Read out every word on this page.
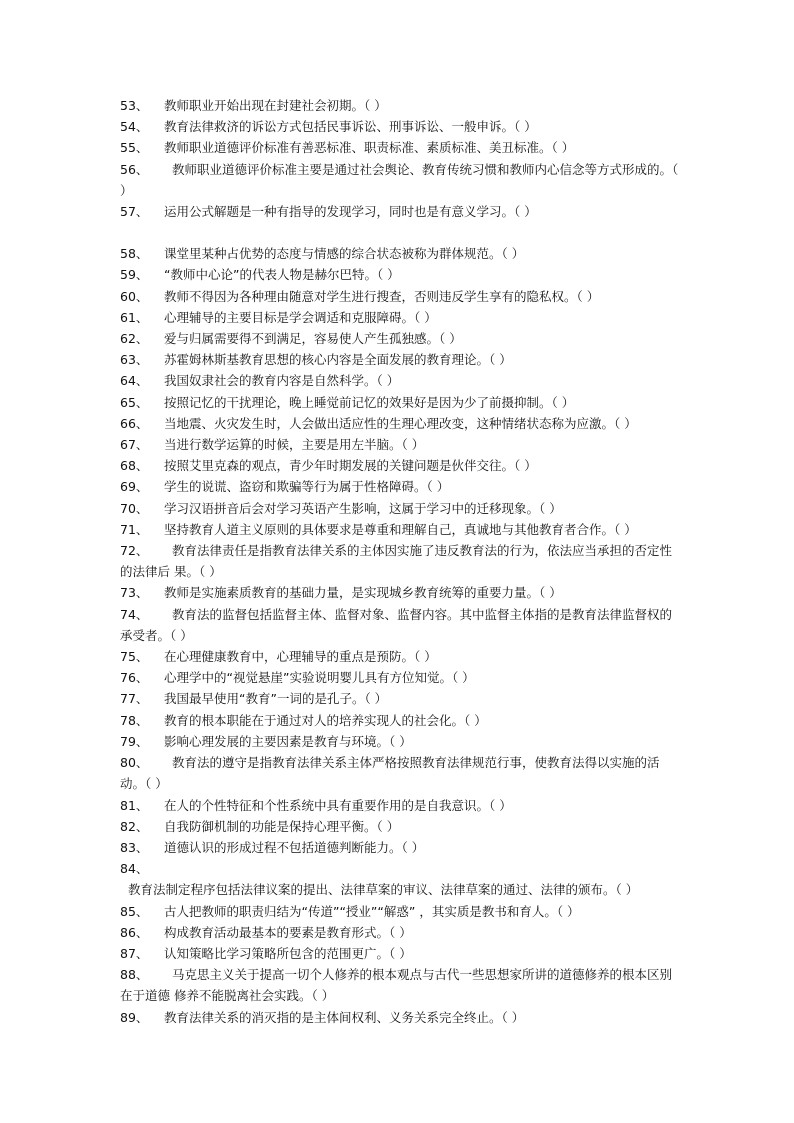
53、 教师职业开始出现在封建社会初期。（ ）
54、 教育法律救济的诉讼方式包括民事诉讼、刑事诉讼、一般申诉。（ ）
55、 教师职业道德评价标准有善恶标准、职责标准、素质标准、美丑标准。（ ）
56、 教师职业道德评价标准主要是通过社会舆论、教育传统习惯和教师内心信念等方式形成的。（ ）
57、 运用公式解题是一种有指导的发现学习，同时也是有意义学习。（ ）
58、 课堂里某种占优势的态度与情感的综合状态被称为群体规范。（ ）
59、 “教师中心论”的代表人物是赫尔巴特。（ ）
60、 教师不得因为各种理由随意对学生进行搜查，否则违反学生享有的隐私权。（ ）
61、 心理辅导的主要目标是学会调适和克服障碍。（ ）
62、 爱与归属需要得不到满足，容易使人产生孤独感。（ ）
63、 苏霍姆林斯基教育思想的核心内容是全面发展的教育理论。（ ）
64、 我国奴隶社会的教育内容是自然科学。（ ）
65、 按照记忆的干扰理论，晚上睡觉前记忆的效果好是因为少了前摄抑制。（ ）
66、 当地震、火灾发生时，人会做出适应性的生理心理改变，这种情绪状态称为应激。（ ）
67、 当进行数学运算的时候，主要是用左半脑。（ ）
68、 按照艾里克森的观点，青少年时期发展的关键问题是伙伴交往。（ ）
69、 学生的说谎、盗窃和欺骗等行为属于性格障碍。（ ）
70、 学习汉语拼音后会对学习英语产生影响，这属于学习中的迁移现象。（ ）
71、 坚持教育人道主义原则的具体要求是尊重和理解自己，真诚地与其他教育者合作。（ ）
72、 教育法律责任是指教育法律关系的主体因实施了违反教育法的行为，依法应当承担的否定性的法律后 果。（ ）
73、 教师是实施素质教育的基础力量，是实现城乡教育统筹的重要力量。（ ）
74、 教育法的监督包括监督主体、监督对象、监督内容。其中监督主体指的是教育法律监督权的承受者。（ ）
75、 在心理健康教育中，心理辅导的重点是预防。（ ）
76、 心理学中的“视觉悬崖”实验说明婴儿具有方位知觉。（ ）
77、 我国最早使用“教育”一词的是孔子。（ ）
78、 教育的根本职能在于通过对人的培养实现人的社会化。（ ）
79、 影响心理发展的主要因素是教育与环境。（ ）
80、 教育法的遵守是指教育法律关系主体严格按照教育法律规范行事，使教育法得以实施的活动。（ ）
81、 在人的个性特征和个性系统中具有重要作用的是自我意识。（ ）
82、 自我防御机制的功能是保持心理平衡。（ ）
83、 道德认识的形成过程不包括道德判断能力。（ ）
84、教育法制定程序包括法律议案的提出、法律草案的审议、法律草案的通过、法律的颁布。（ ）
85、 古人把教师的职责归结为“传道”“授业”“解惑” ，其实质是教书和育人。（ ）
86、 构成教育活动最基本的要素是教育形式。（ ）
87、 认知策略比学习策略所包含的范围更广。（ ）
88、 马克思主义关于提高一切个人修养的根本观点与古代一些思想家所讲的道德修养的根本区别在于道德 修养不能脱离社会实践。（ ）
89、 教育法律关系的消灭指的是主体间权利、义务关系完全终止。（ ）
